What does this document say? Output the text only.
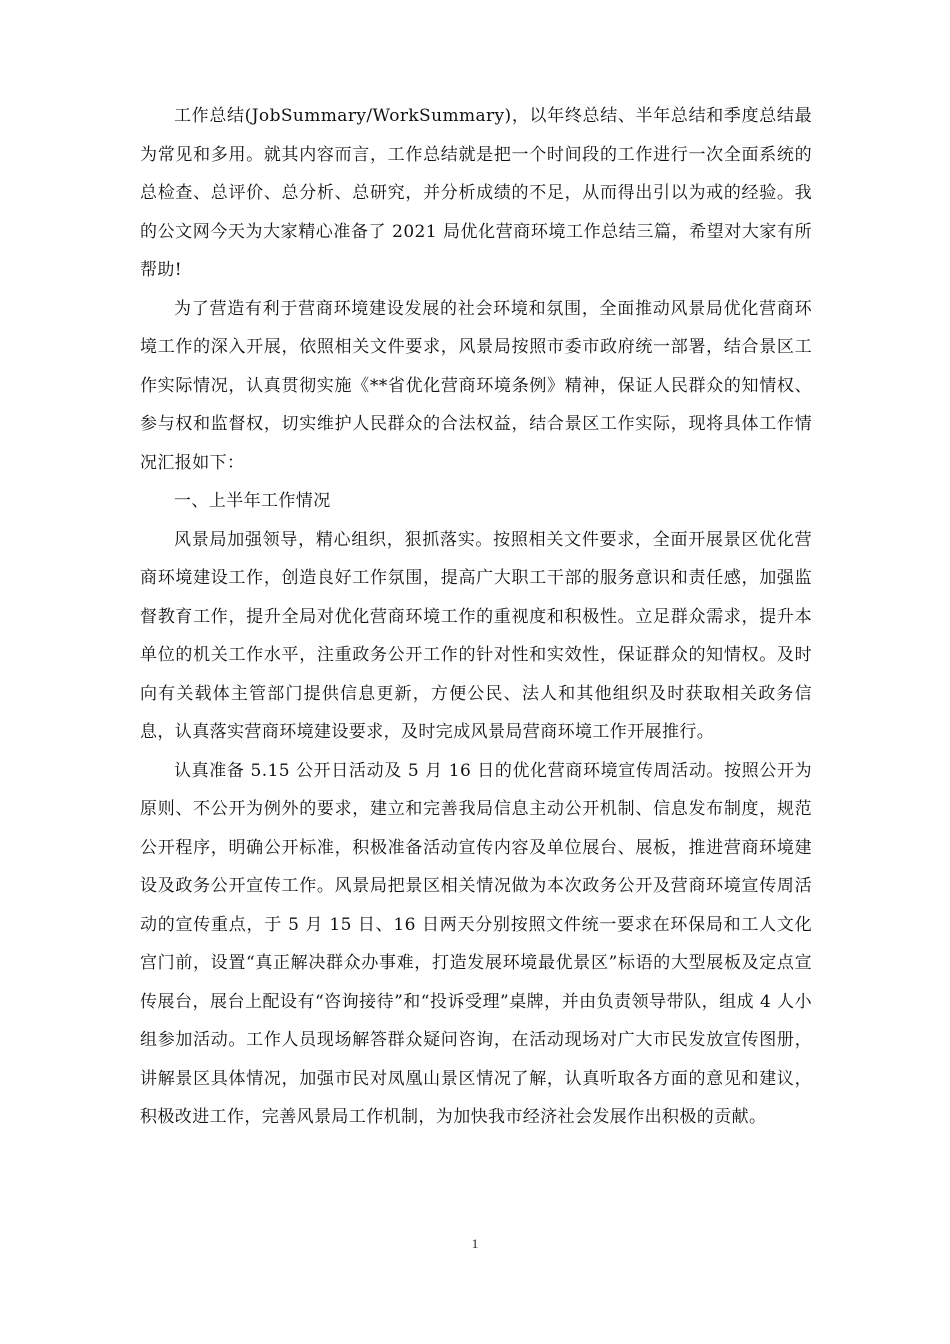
工作总结(JobSummary/WorkSummary)，以年终总结、半年总结和季度总结最为常见和多用。就其内容而言，工作总结就是把一个时间段的工作进行一次全面系统的总检查、总评价、总分析、总研究，并分析成绩的不足，从而得出引以为戒的经验。我的公文网今天为大家精心准备了 2021 局优化营商环境工作总结三篇，希望对大家有所帮助!

为了营造有利于营商环境建设发展的社会环境和氛围，全面推动风景局优化营商环境工作的深入开展，依照相关文件要求，风景局按照市委市政府统一部署，结合景区工作实际情况，认真贯彻实施《**省优化营商环境条例》精神，保证人民群众的知情权、参与权和监督权，切实维护人民群众的合法权益，结合景区工作实际，现将具体工作情况汇报如下：

一、上半年工作情况

风景局加强领导，精心组织，狠抓落实。按照相关文件要求，全面开展景区优化营商环境建设工作，创造良好工作氛围，提高广大职工干部的服务意识和责任感，加强监督教育工作，提升全局对优化营商环境工作的重视度和积极性。立足群众需求，提升本单位的机关工作水平，注重政务公开工作的针对性和实效性，保证群众的知情权。及时向有关载体主管部门提供信息更新，方便公民、法人和其他组织及时获取相关政务信息，认真落实营商环境建设要求，及时完成风景局营商环境工作开展推行。

认真准备 5.15 公开日活动及 5 月 16 日的优化营商环境宣传周活动。按照公开为原则、不公开为例外的要求，建立和完善我局信息主动公开机制、信息发布制度，规范公开程序，明确公开标准，积极准备活动宣传内容及单位展台、展板，推进营商环境建设及政务公开宣传工作。风景局把景区相关情况做为本次政务公开及营商环境宣传周活动的宣传重点，于 5 月 15 日、16 日两天分别按照文件统一要求在环保局和工人文化宫门前，设置“真正解决群众办事难，打造发展环境最优景区”标语的大型展板及定点宣传展台，展台上配设有“咨询接待”和“投诉受理”桌牌，并由负责领导带队，组成 4 人小组参加活动。工作人员现场解答群众疑问咨询，在活动现场对广大市民发放宣传图册，讲解景区具体情况，加强市民对凤凰山景区情况了解，认真听取各方面的意见和建议，积极改进工作，完善风景局工作机制，为加快我市经济社会发展作出积极的贡献。

1
